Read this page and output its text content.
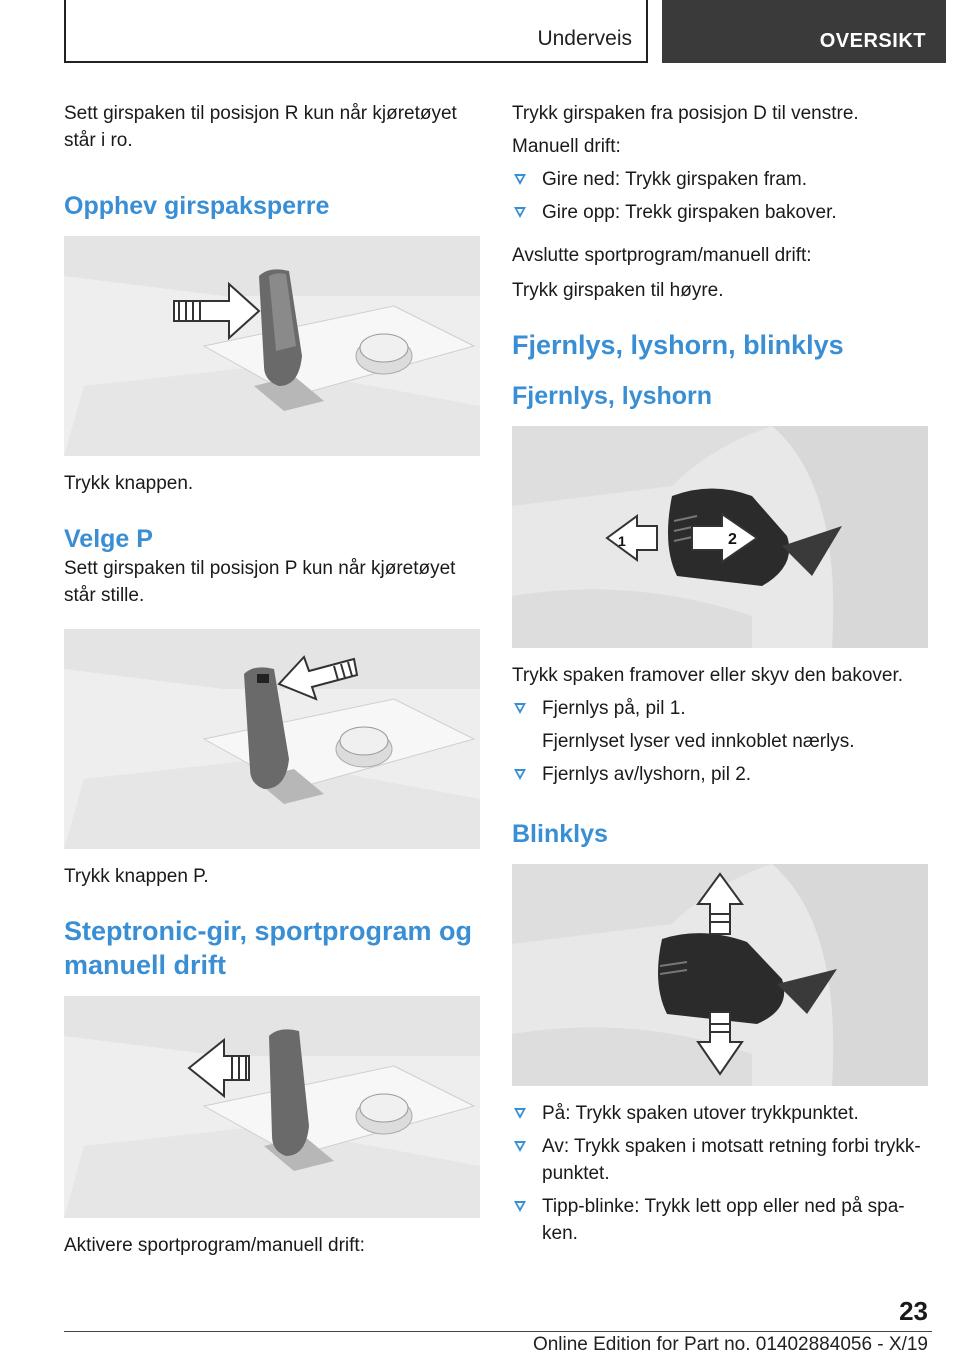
Underveis	OVERSIKT

Sett girspaken til posisjon R kun når kjøretøyet står i ro.

Opphev girspaksperre

Trykk knappen.

Velge P

Sett girspaken til posisjon P kun når kjøretøyet står stille.

Trykk knappen P.

Steptronic-gir, sportprogram og manuell drift

Aktivere sportprogram/manuell drift:

Trykk girspaken fra posisjon D til venstre.

Manuell drift:

Gire ned: Trykk girspaken fram.
Gire opp: Trekk girspaken bakover.

Avslutte sportprogram/manuell drift:

Trykk girspaken til høyre.

Fjernlys, lyshorn, blinklys
Fjernlys, lyshorn
1	2

Trykk spaken framover eller skyv den bakover.

Fjernlys på, pil 1.
Fjernlyset lyser ved innkoblet nærlys.
Fjernlys av/lyshorn, pil 2.
Blinklys
På: Trykk spaken utover trykkpunktet.
Av: Trykk spaken i motsatt retning forbi trykk-punktet.
Tipp-blinke: Trykk lett opp eller ned på spa-ken.
23
Online Edition for Part no. 01402884056 - X/19
